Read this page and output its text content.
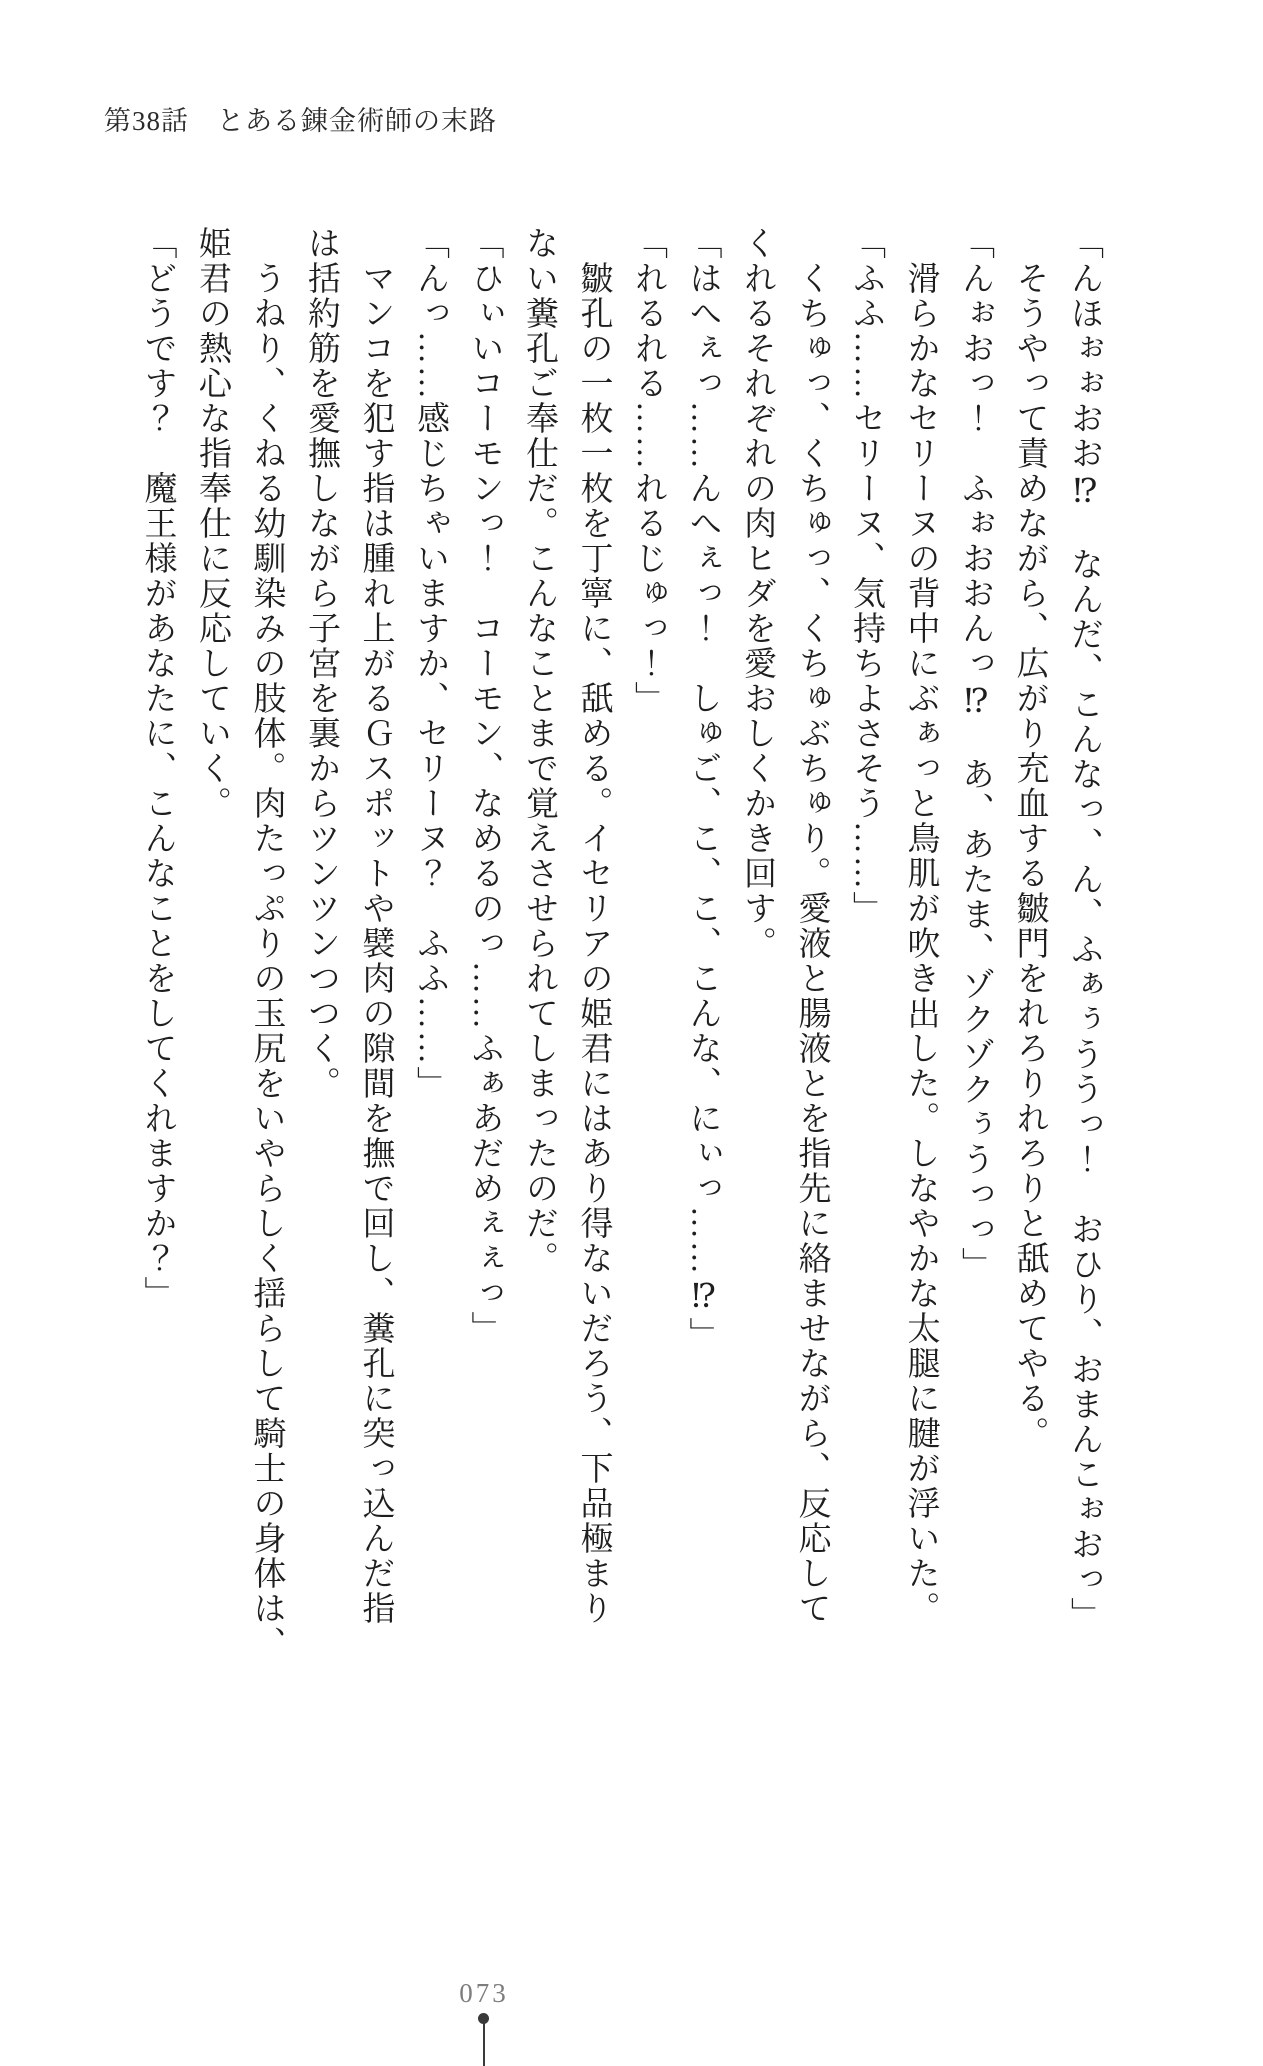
第38話　とある錬金術師の末路

「んほぉぉおお⁉　なんだ、こんなっ、ん、ふぁぅううっ！　おひり、おまんこぉおっ」

　そうやって責めながら、広がり充血する皺門をれろりれろりと舐めてやる。

「んぉおっ！　ふぉおおんっ⁉　あ、あたま、ゾクゾクぅうっっ」

　滑らかなセリーヌの背中にぶぁっと鳥肌が吹き出した。しなやかな太腿に腱が浮いた。

「ふふ……セリーヌ、気持ちよさそう……」

　くちゅっ、くちゅっ、くちゅぶちゅり。愛液と腸液とを指先に絡ませながら、反応して

くれるそれぞれの肉ヒダを愛おしくかき回す。

「はへぇっ……んへぇっ！　しゅご、こ、こ、こんな、にぃっ……⁉」

「れるれる……れるじゅっ！」

　皺孔の一枚一枚を丁寧に、舐める。イセリアの姫君にはあり得ないだろう、下品極まり

ない糞孔ご奉仕だ。こんなことまで覚えさせられてしまったのだ。

「ひぃいコーモンっ！　コーモン、なめるのっ……ふぁあだめぇぇっ」

「んっ……感じちゃいますか、セリーヌ？　ふふ……」

　マンコを犯す指は腫れ上がるＧスポットや襞肉の隙間を撫で回し、糞孔に突っ込んだ指

は括約筋を愛撫しながら子宮を裏からツンツンつつく。

　うねり、くねる幼馴染みの肢体。肉たっぷりの玉尻をいやらしく揺らして騎士の身体は、

姫君の熱心な指奉仕に反応していく。

「どうです？　魔王様があなたに、こんなことをしてくれますか？」

073
